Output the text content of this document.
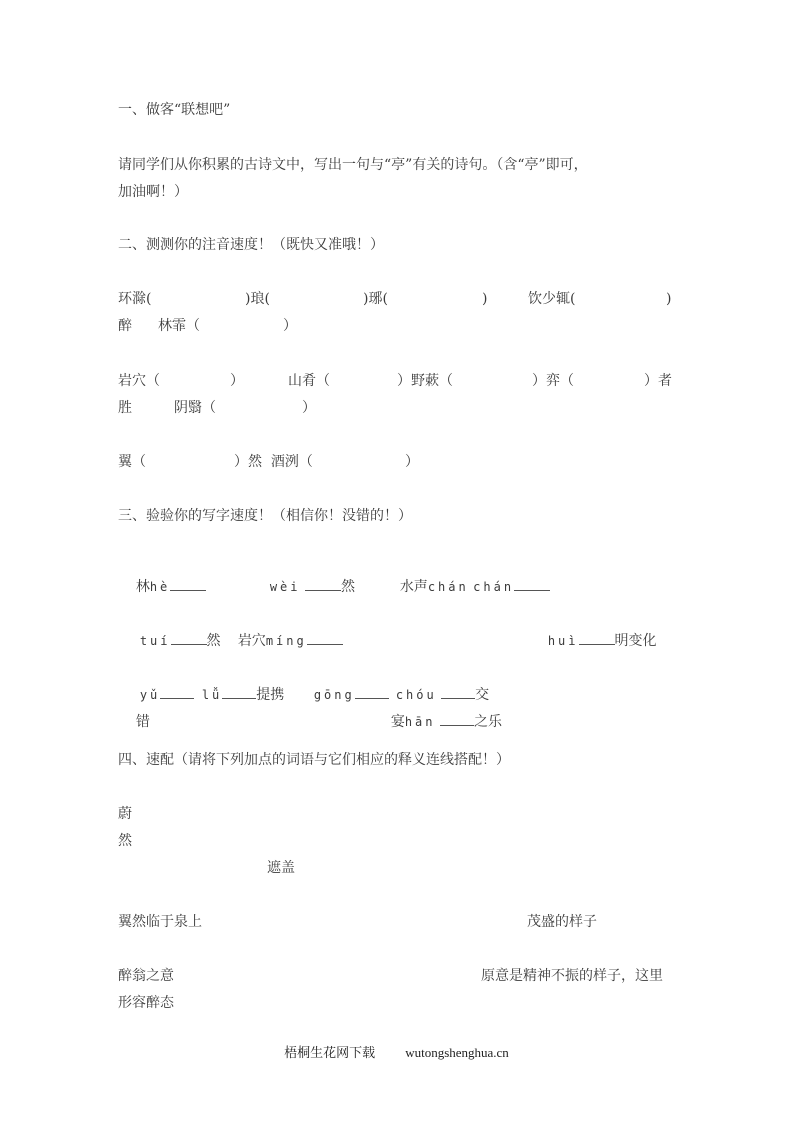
一、做客“联想吧”
请同学们从你积累的古诗文中，写出一句与“亭”有关的诗句。（含“亭”即可，
加油啊！）
二、测测你的注音速度！（既快又准哦！）
环滁(	)琅(	)琊(	)	饮少辄(	)
醉 林霏（	）
岩穴（	）	山肴（	）野蔌（	）弈（	）者
胜	阴翳（	）
翼（	）然  酒洌（	）
三、验验你的写字速度！（相信你！没错的！）

林hè
	wèi	然
	水声chán chán

tuí	然
	岩穴míng
	huì	明变化

yǔ
	lǚ 提携
	gōng
	chóu	交

错
	宴hān	之乐

四、速配（请将下列加点的词语与它们相应的释义连线搭配！）
蔚
然
遮盖
翼然临于泉上	茂盛的样子
醉翁之意	原意是精神不振的样子，这里
形容醉态
梧桐生花网下载 wutongshenghua.cn
